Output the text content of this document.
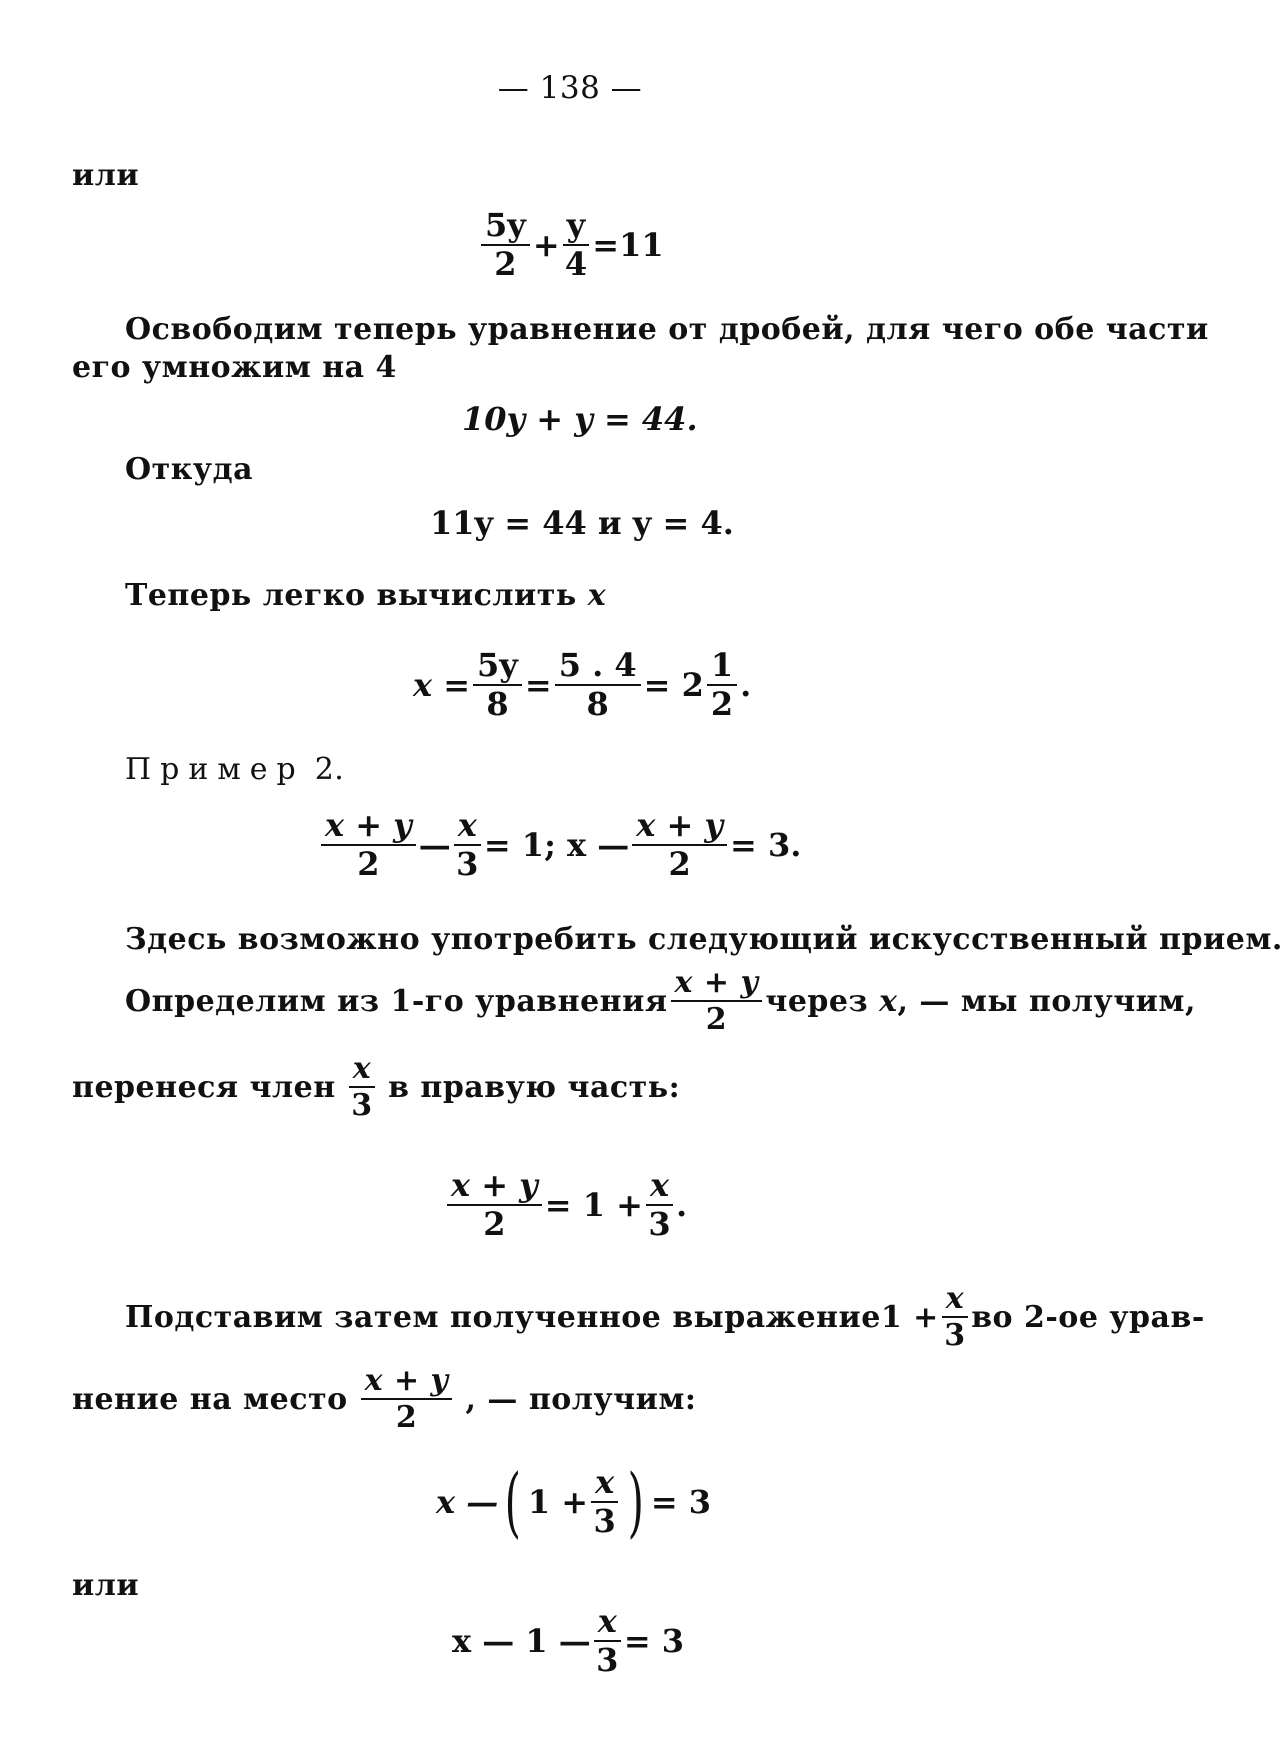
— 138 —
или
$\frac{5y}{2} + \frac{y}{4} =11$
Освободим теперь уравнение от дробей, для чего обе части
его умножим на 4
10y + y = 44.
Откуда
11y = 44 и y = 4.
Теперь легко вычислить x
$x = \frac{5y}{8} = \frac{5 . 4}{8} = 2 \frac{1}{2}$ .
Пример 2.
$\frac{x + y}{2}$ — $\frac{x}{3} = 1$; x — $\frac{x + y}{2} = 3$.
Здесь возможно употребить следующий искусственный прием.
Определим из 1-го уравнения $\frac{x + y}{2}$ через x, — мы получим,
перенеся член $\frac{x}{3}$ в правую часть:
$\frac{x + y}{2} = 1 + \frac{x}{3}$ .
Подставим затем полученное выражение $1 + \frac{x}{3}$ во 2-ое урав-
нение на место $\frac{x + y}{2}$ , — получим:
x — ( $1 + \frac{x}{3}$ ) = 3
или
x — 1 — $\frac{x}{3} = 3$
